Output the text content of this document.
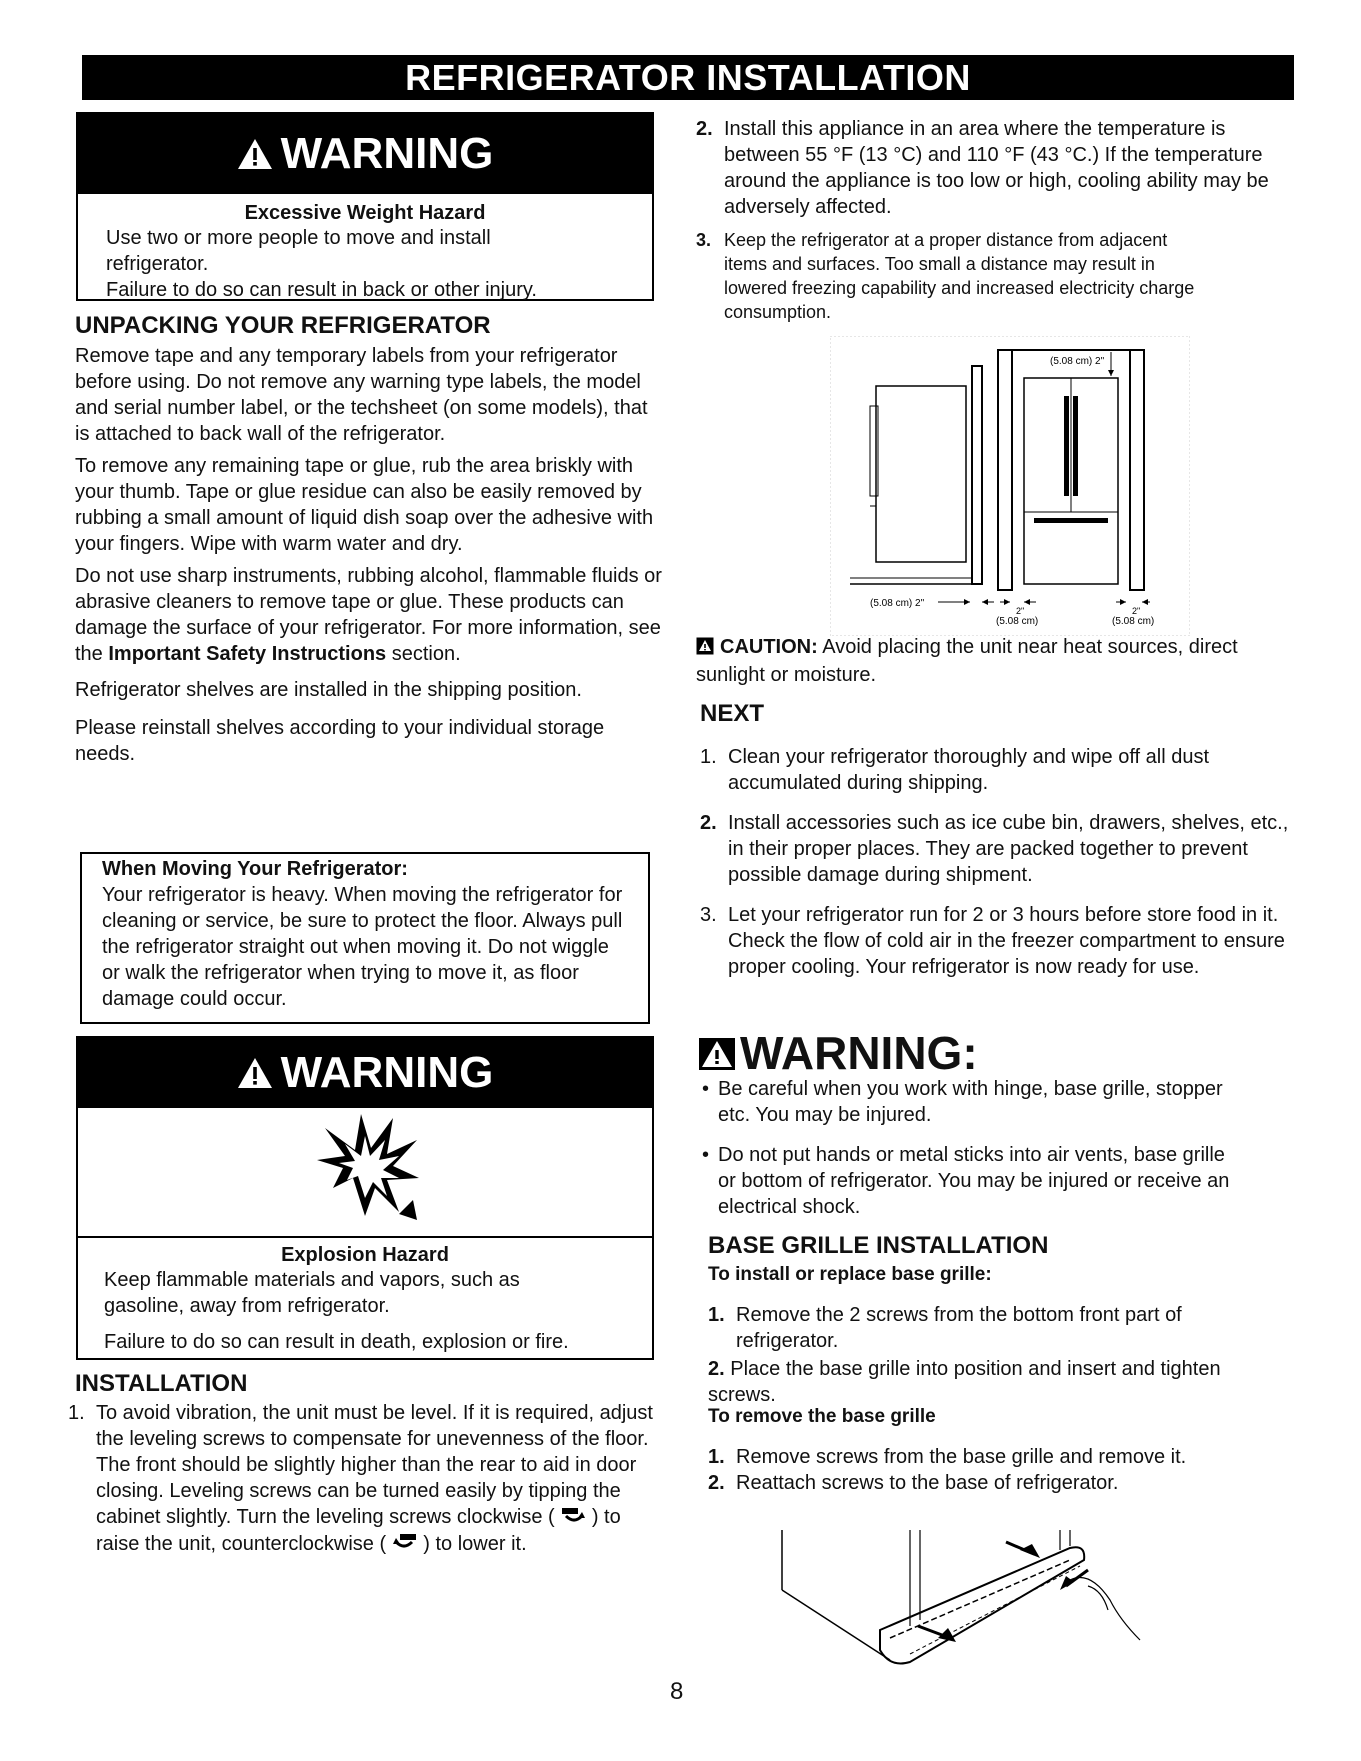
REFRIGERATOR INSTALLATION
WARNING
Excessive Weight Hazard

Use two or more people to move and install

refrigerator.

Failure to do so can result in back or other injury.

UNPACKING YOUR REFRIGERATOR

Remove tape and any temporary labels from your refrigerator before using. Do not remove any warning type labels, the model and serial number label, or the techsheet (on some models), that is attached to back wall of the refrigerator.

To remove any remaining tape or glue, rub the area briskly with your thumb. Tape or glue residue can also be easily removed by rubbing a small amount of liquid dish soap over the adhesive with your fingers. Wipe with warm water and dry.

Do not use sharp instruments, rubbing alcohol, flammable fluids or abrasive cleaners to remove tape or glue. These products can damage the surface of your refrigerator. For more information, see the Important Safety Instructions section.

Refrigerator shelves are installed in the shipping position.

Please reinstall shelves according to your individual storage needs.

When Moving Your Refrigerator:

Your refrigerator is heavy. When moving the refrigerator for cleaning or service, be sure to protect the floor. Always pull the refrigerator straight out when moving it. Do not wiggle or walk the refrigerator when trying to move it, as floor damage could occur.

WARNING
Explosion Hazard

Keep flammable materials and vapors, such as

gasoline, away from refrigerator.

Failure to do so can result in death, explosion or fire.

INSTALLATION
1. To avoid vibration, the unit must be level. If it is required, adjust the leveling screws to compensate for unevenness of the floor. The front should be slightly higher than the rear to aid in door closing. Leveling screws can be turned easily by tipping the cabinet slightly. Turn the leveling screws clockwise ( ) to raise the unit, counterclockwise ( ) to lower it.
2. Install this appliance in an area where the temperature is between 55 °F (13 °C) and 110 °F (43 °C.) If the temperature around the appliance is too low or high, cooling ability may be adversely affected.
3. Keep the refrigerator at a proper distance from adjacent items and surfaces. Too small a distance may result in lowered freezing capability and increased electricity charge consumption.
(5.08 cm) 2"
(5.08 cm) 2"
2"
(5.08 cm)
2"
(5.08 cm)
CAUTION: Avoid placing the unit near heat sources, direct sunlight or moisture.
NEXT
1. Clean your refrigerator thoroughly and wipe off all dust accumulated during shipping.
2. Install accessories such as ice cube bin, drawers, shelves, etc., in their proper places. They are packed together to prevent possible damage during shipment.
3. Let your refrigerator run for 2 or 3 hours before store food in it. Check the flow of cold air in the freezer compartment to ensure proper cooling. Your refrigerator is now ready for use.
WARNING:
• Be careful when you work with hinge, base grille, stopper etc. You may be injured.
• Do not put hands or metal sticks into air vents, base grille or bottom of refrigerator. You may be injured or receive an electrical shock.
BASE GRILLE INSTALLATION
To install or replace base grille:
1. Remove the 2 screws from the bottom front part of refrigerator.
2. Place the base grille into position and insert and tighten screws.
To remove the base grille
1. Remove screws from the base grille and remove it.
2. Reattach screws to the base of refrigerator.
8
